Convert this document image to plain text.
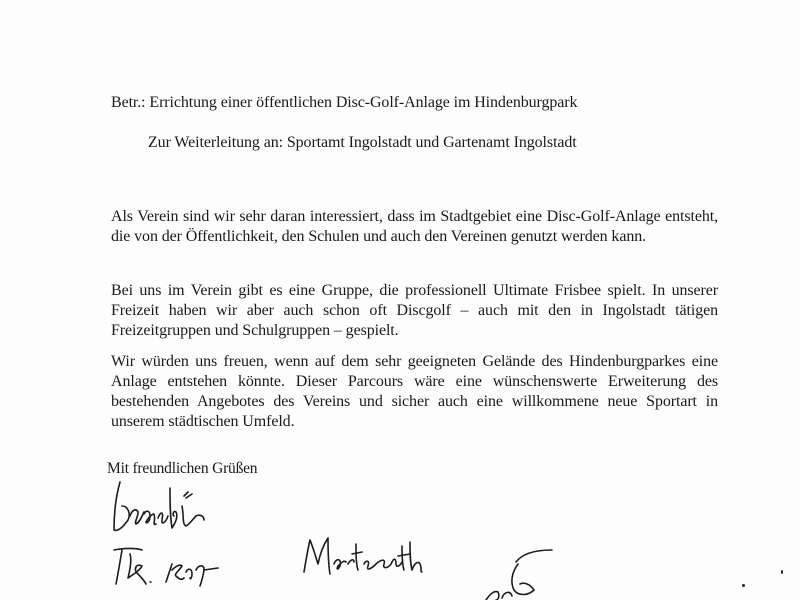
Betr.: Errichtung einer öffentlichen Disc-Golf-Anlage im Hindenburgpark
Zur Weiterleitung an: Sportamt Ingolstadt und Gartenamt Ingolstadt
Als Verein sind wir sehr daran interessiert, dass im Stadtgebiet eine Disc-Golf-Anlage entsteht, die von der Öffentlichkeit, den Schulen und auch den Vereinen genutzt werden kann.
Bei uns im Verein gibt es eine Gruppe, die professionell Ultimate Frisbee spielt. In unserer Freizeit haben wir aber auch schon oft Discgolf – auch mit den in Ingolstadt tätigen Freizeitgruppen und Schulgruppen – gespielt.
Wir würden uns freuen, wenn auf dem sehr geeigneten Gelände des Hindenburgparkes eine Anlage entstehen könnte. Dieser Parcours wäre eine wünschenswerte Erweiterung des bestehenden Angebotes des Vereins und sicher auch eine willkommene neue Sportart in unserem städtischen Umfeld.
Mit freundlichen Grüßen
